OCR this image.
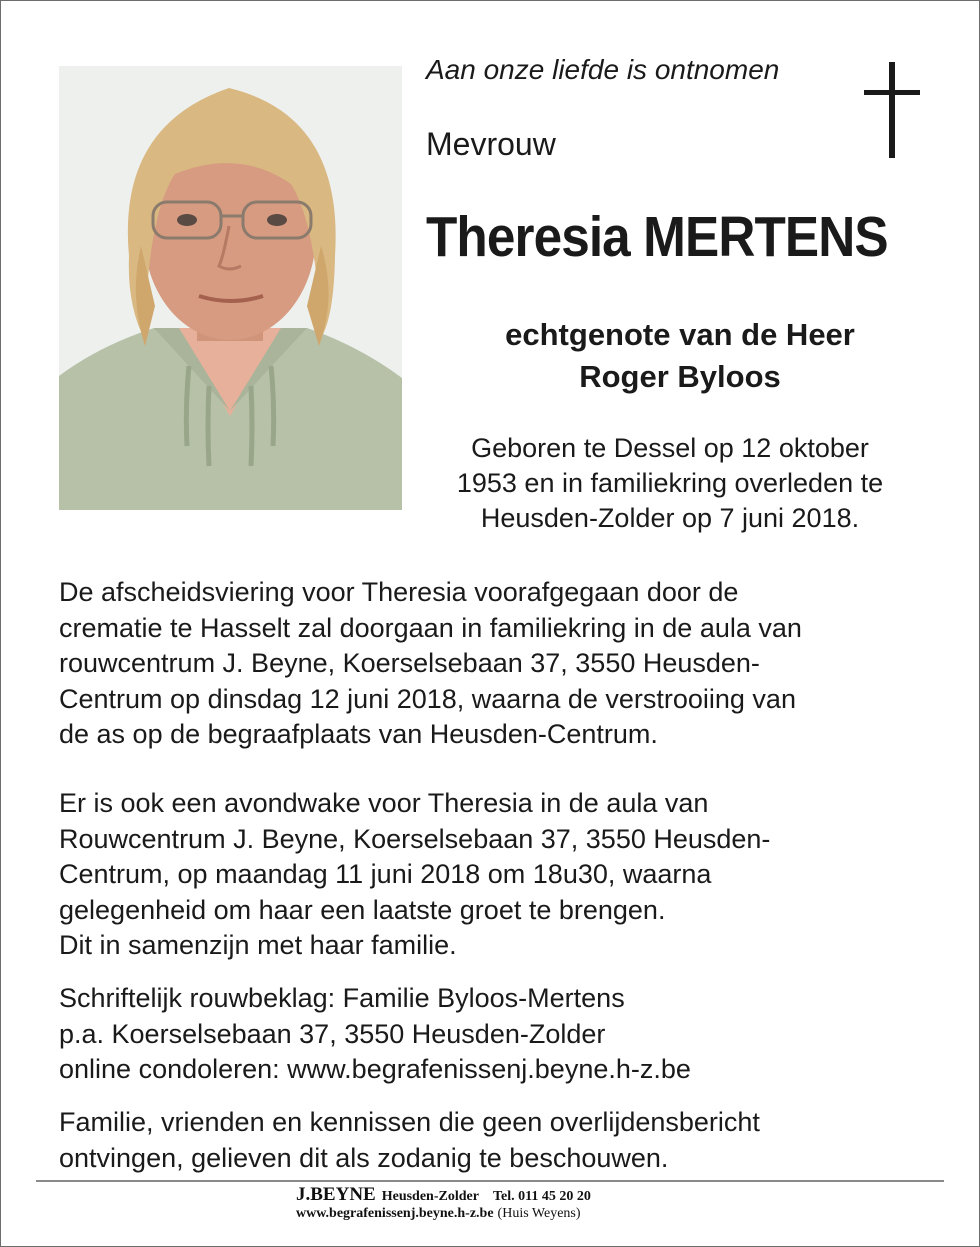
Aan onze liefde is ontnomen

Mevrouw

Theresia MERTENS

echtgenote van de Heer
Roger Byloos

Geboren te Dessel op 12 oktober
1953 en in familiekring overleden te
Heusden-Zolder op 7 juni 2018.

De afscheidsviering voor Theresia voorafgegaan door de
crematie te Hasselt zal doorgaan in familiekring in de aula van
rouwcentrum J. Beyne, Koerselsebaan 37, 3550 Heusden-
Centrum op dinsdag 12 juni 2018, waarna de verstrooiing van
de as op de begraafplaats van Heusden-Centrum.

Er is ook een avondwake voor Theresia in de aula van
Rouwcentrum J. Beyne, Koerselsebaan 37, 3550 Heusden-
Centrum, op maandag 11 juni 2018 om 18u30, waarna
gelegenheid om haar een laatste groet te brengen.
Dit in samenzijn met haar familie.

Schriftelijk rouwbeklag: Familie Byloos-Mertens
p.a. Koerselsebaan 37, 3550 Heusden-Zolder
online condoleren: www.begrafenissenj.beyne.h-z.be

Familie, vrienden en kennissen die geen overlijdensbericht
ontvingen, gelieven dit als zodanig te beschouwen.

J.BEYNE Heusden-Zolder Tel. 011 45 20 20
www.begrafenissenj.beyne.h-z.be (Huis Weyens)
